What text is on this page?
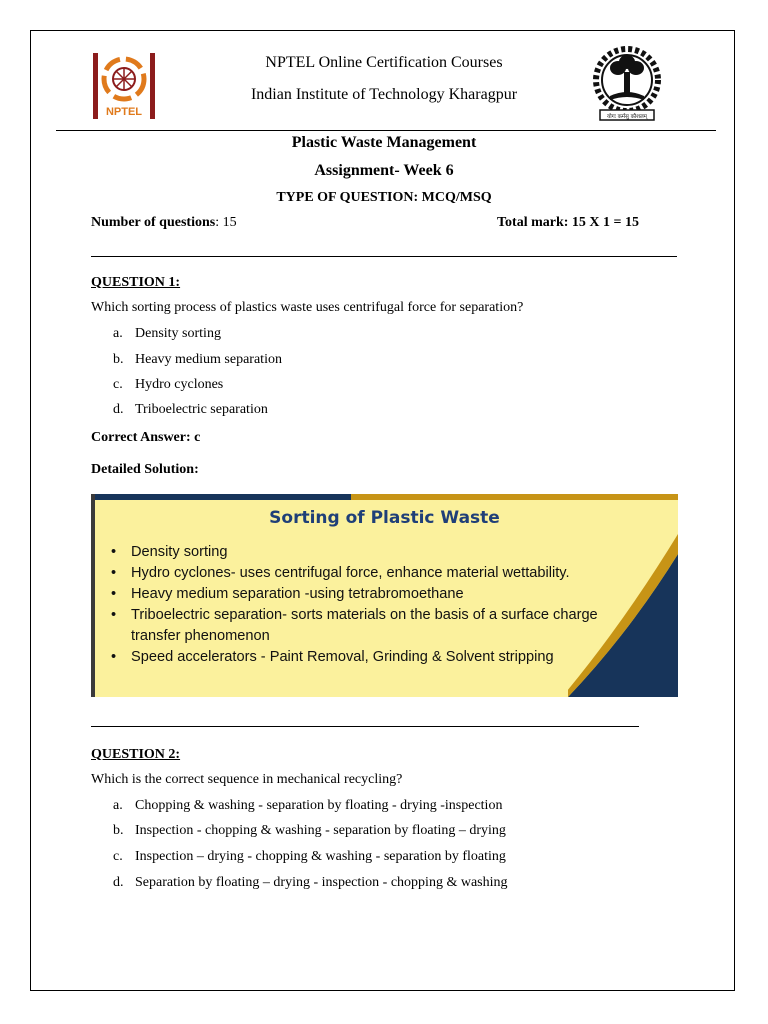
NPTEL
NPTEL Online Certification Courses
Indian Institute of Technology Kharagpur
योगः कर्मसु कौशलम्
Plastic Waste Management
Assignment- Week 6
TYPE OF QUESTION: MCQ/MSQ
Number of questions: 15	Total mark: 15 X 1 = 15
QUESTION 1:
Which sorting process of plastics waste uses centrifugal force for separation?
a. Density sorting
b. Heavy medium separation
c. Hydro cyclones
d. Triboelectric separation
Correct Answer: c
Detailed Solution:
Sorting of Plastic Waste
• Density sorting
• Hydro cyclones- uses centrifugal force, enhance material wettability.
• Heavy medium separation -using tetrabromoethane
• Triboelectric separation- sorts materials on the basis of a surface charge transfer phenomenon
• Speed accelerators - Paint Removal, Grinding & Solvent stripping
QUESTION 2:
Which is the correct sequence in mechanical recycling?
a. Chopping & washing - separation by floating - drying -inspection
b. Inspection - chopping & washing - separation by floating – drying
c. Inspection – drying - chopping & washing - separation by floating
d. Separation by floating – drying - inspection - chopping & washing
